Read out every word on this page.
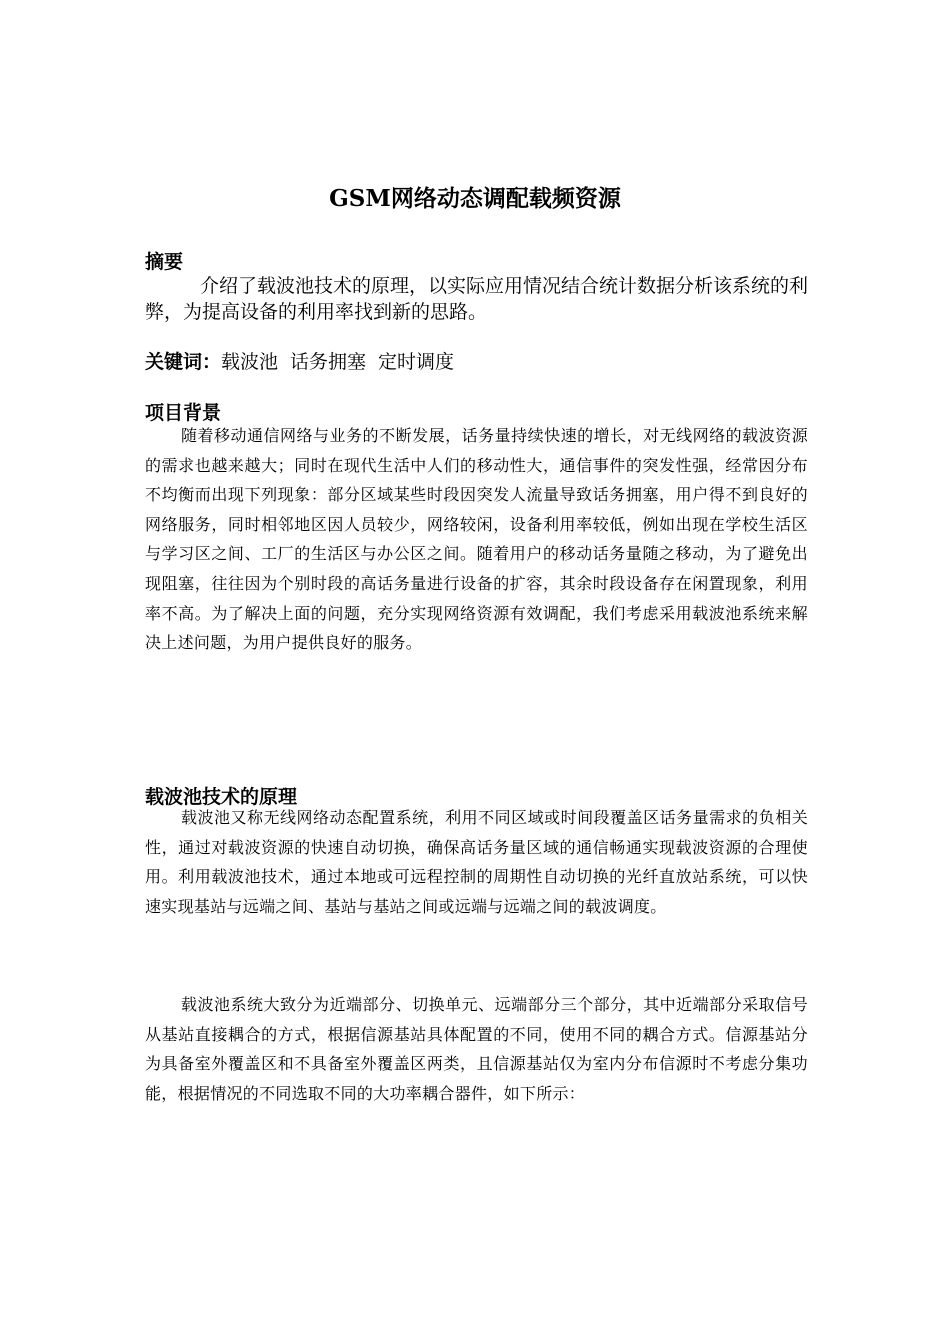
GSM网络动态调配载频资源
摘要
介绍了载波池技术的原理，以实际应用情况结合统计数据分析该系统的利弊，为提高设备的利用率找到新的思路。
关键词：载波池 话务拥塞 定时调度
项目背景
随着移动通信网络与业务的不断发展，话务量持续快速的增长，对无线网络的载波资源的需求也越来越大；同时在现代生活中人们的移动性大，通信事件的突发性强，经常因分布不均衡而出现下列现象：部分区域某些时段因突发人流量导致话务拥塞，用户得不到良好的网络服务，同时相邻地区因人员较少，网络较闲，设备利用率较低，例如出现在学校生活区与学习区之间、工厂的生活区与办公区之间。随着用户的移动话务量随之移动，为了避免出现阻塞，往往因为个别时段的高话务量进行设备的扩容，其余时段设备存在闲置现象，利用率不高。为了解决上面的问题，充分实现网络资源有效调配，我们考虑采用载波池系统来解决上述问题，为用户提供良好的服务。
载波池技术的原理
载波池又称无线网络动态配置系统，利用不同区域或时间段覆盖区话务量需求的负相关性，通过对载波资源的快速自动切换，确保高话务量区域的通信畅通实现载波资源的合理使用。利用载波池技术，通过本地或可远程控制的周期性自动切换的光纤直放站系统，可以快速实现基站与远端之间、基站与基站之间或远端与远端之间的载波调度。
载波池系统大致分为近端部分、切换单元、远端部分三个部分，其中近端部分采取信号从基站直接耦合的方式，根据信源基站具体配置的不同，使用不同的耦合方式。信源基站分为具备室外覆盖区和不具备室外覆盖区两类，且信源基站仅为室内分布信源时不考虑分集功能，根据情况的不同选取不同的大功率耦合器件，如下所示：
